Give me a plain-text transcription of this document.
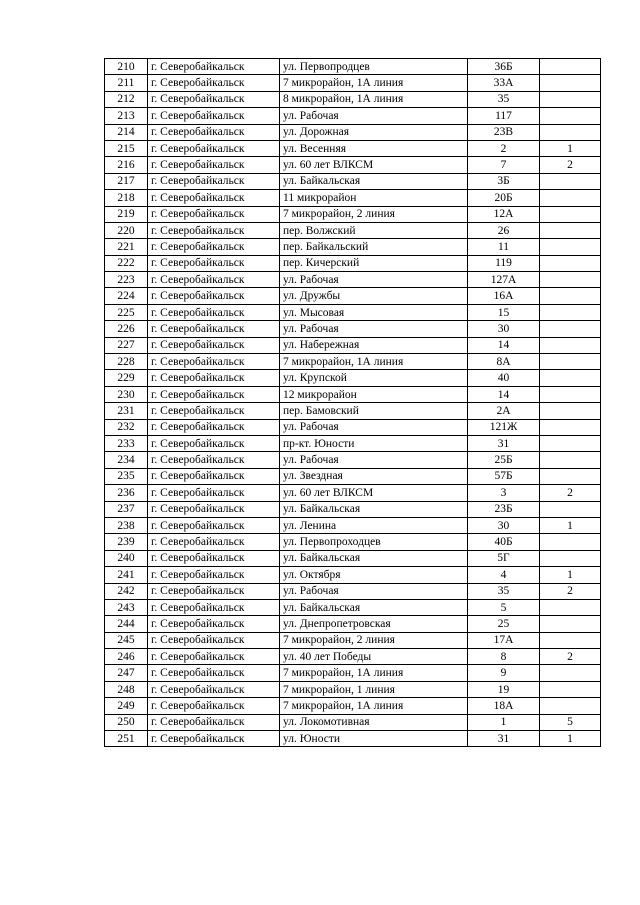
210	г. Северобайкальск	ул. Первопродцев	36Б	
211	г. Северобайкальск	7 микрорайон, 1А линия	33А	
212	г. Северобайкальск	8 микрорайон, 1А линия	35	
213	г. Северобайкальск	ул. Рабочая	117	
214	г. Северобайкальск	ул. Дорожная	23В	
215	г. Северобайкальск	ул. Весенняя	2	1
216	г. Северобайкальск	ул. 60 лет ВЛКСМ	7	2
217	г. Северобайкальск	ул. Байкальская	3Б	
218	г. Северобайкальск	11 микрорайон	20Б	
219	г. Северобайкальск	7 микрорайон, 2 линия	12А	
220	г. Северобайкальск	пер. Волжский	26	
221	г. Северобайкальск	пер. Байкальский	11	
222	г. Северобайкальск	пер. Кичерский	119	
223	г. Северобайкальск	ул. Рабочая	127А	
224	г. Северобайкальск	ул. Дружбы	16А	
225	г. Северобайкальск	ул. Мысовая	15	
226	г. Северобайкальск	ул. Рабочая	30	
227	г. Северобайкальск	ул. Набережная	14	
228	г. Северобайкальск	7 микрорайон, 1А линия	8А	
229	г. Северобайкальск	ул. Крупской	40	
230	г. Северобайкальск	12 микрорайон	14	
231	г. Северобайкальск	пер. Бамовский	2А	
232	г. Северобайкальск	ул. Рабочая	121Ж	
233	г. Северобайкальск	пр-кт. Юности	31	
234	г. Северобайкальск	ул. Рабочая	25Б	
235	г. Северобайкальск	ул. Звездная	57Б	
236	г. Северобайкальск	ул. 60 лет ВЛКСМ	3	2
237	г. Северобайкальск	ул. Байкальская	23Б	
238	г. Северобайкальск	ул. Ленина	30	1
239	г. Северобайкальск	ул. Первопроходцев	40Б	
240	г. Северобайкальск	ул. Байкальская	5Г	
241	г. Северобайкальск	ул. Октября	4	1
242	г. Северобайкальск	ул. Рабочая	35	2
243	г. Северобайкальск	ул. Байкальская	5	
244	г. Северобайкальск	ул. Днепропетровская	25	
245	г. Северобайкальск	7 микрорайон, 2 линия	17А	
246	г. Северобайкальск	ул. 40 лет Победы	8	2
247	г. Северобайкальск	7 микрорайон, 1А линия	9	
248	г. Северобайкальск	7 микрорайон, 1 линия	19	
249	г. Северобайкальск	7 микрорайон, 1А линия	18А	
250	г. Северобайкальск	ул. Локомотивная	1	5
251	г. Северобайкальск	ул. Юности	31	1
